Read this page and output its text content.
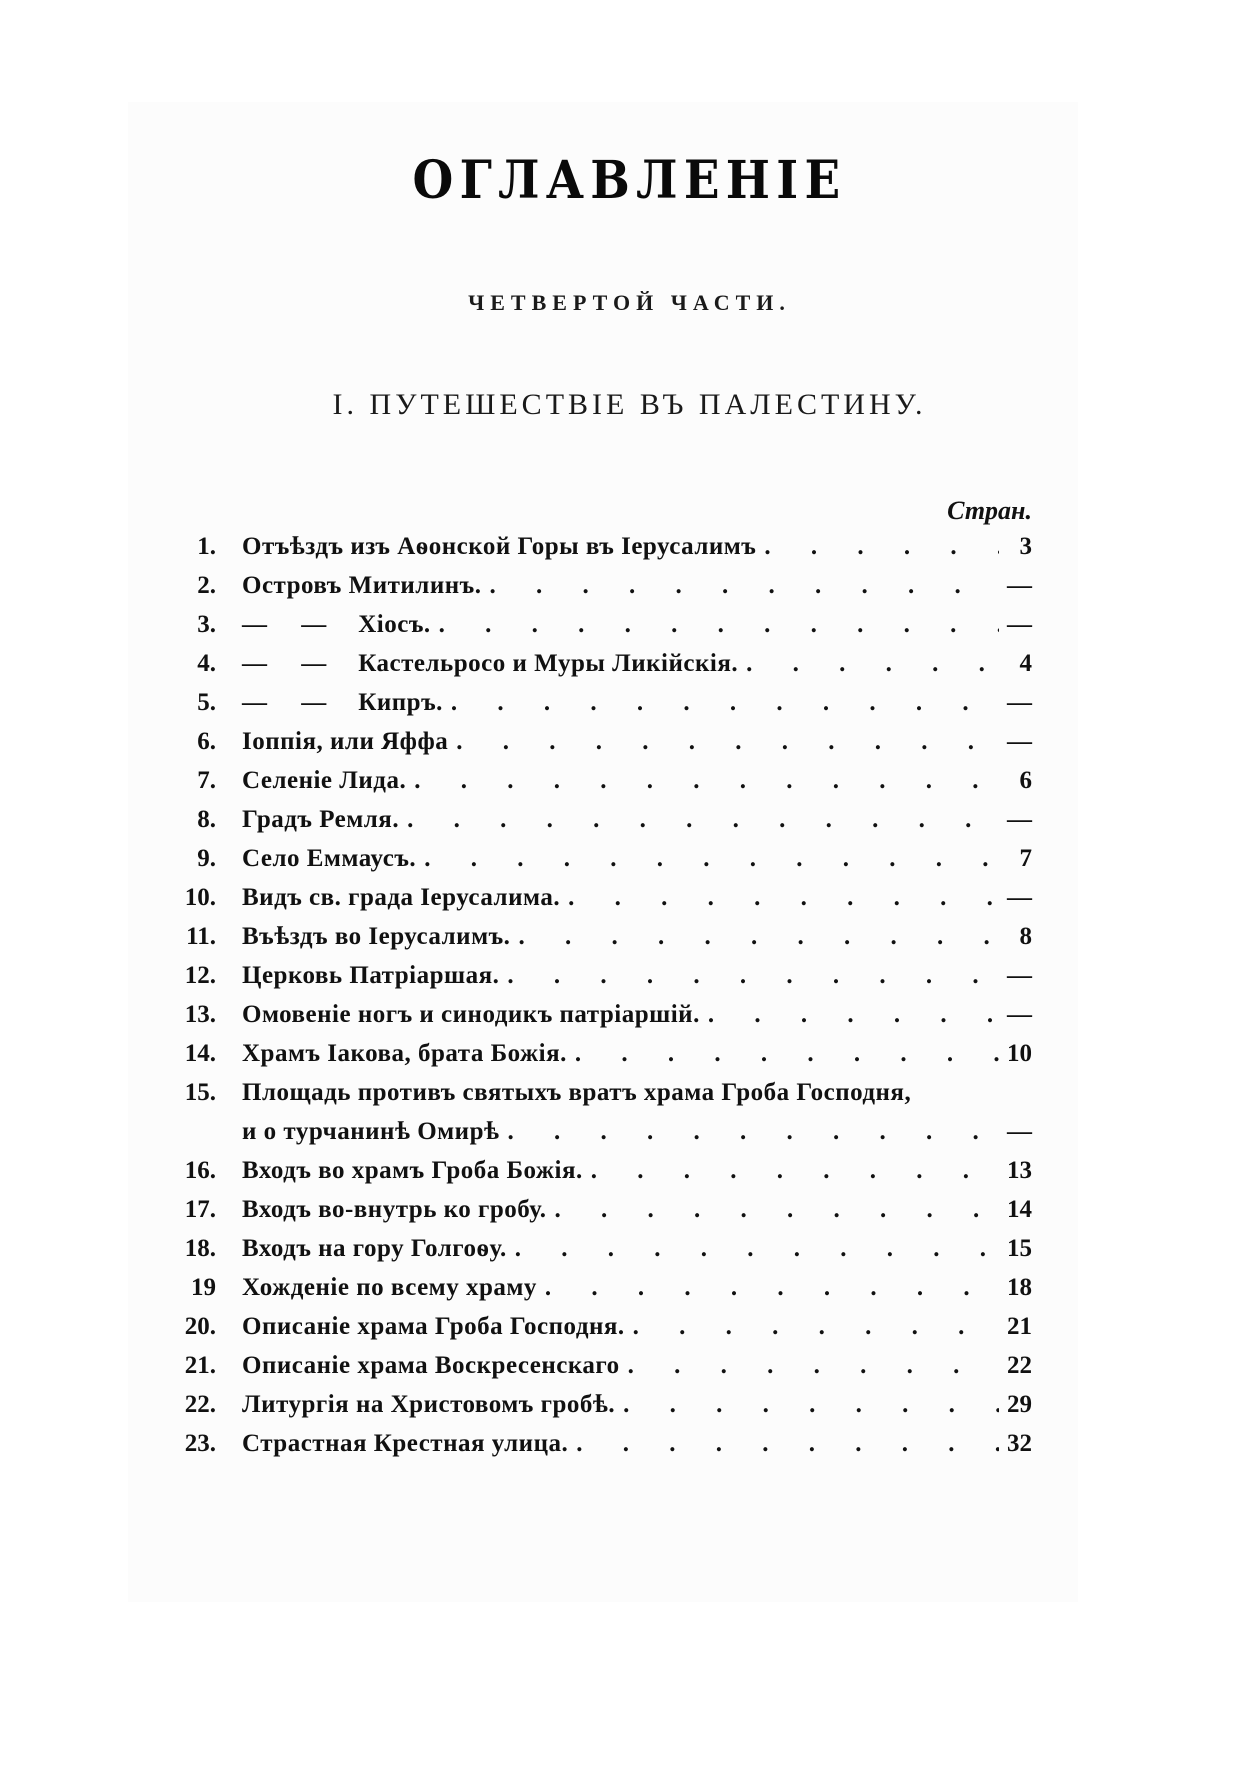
ОГЛАВЛЕНІЕ
ЧЕТВЕРТОЙ ЧАСТИ.
I. ПУТЕШЕСТВІЕ ВЪ ПАЛЕСТИНУ.
Стран.
1. Отъѣздъ изъ Аѳонской Горы въ Іерусалимъ . . .	3
2. Островъ Митилинъ. . . .	—
3. — — Хіосъ. . . .	—
4. — — Кастельросо и Муры Ликійскія. . . .	4
5. — — Кипръ. . . .	—
6. Іоппія, или Яффа . . .	—
7. Селеніе Лида. . . .	6
8. Градъ Ремля. . . .	—
9. Село Еммаусъ. . . .	7
10. Видъ св. града Іерусалима. . . .	—
11. Въѣздъ во Іерусалимъ. . . .	8
12. Церковь Патріаршая. . . .	—
13. Омовеніе ногъ и синодикъ патріаршій. . . .	—
14. Храмъ Іакова, брата Божія. . . .	10
15. Площадь противъ святыхъ вратъ храма Гроба Господня,
и о турчанинѣ Омирѣ . . .	—
16. Входъ во храмъ Гроба Божія. . . .	13
17. Входъ во-внутрь ко гробу. . . .	14
18. Входъ на гору Голгоѳу. . . .	15
19 Хожденіе по всему храму . . .	18
20. Описаніе храма Гроба Господня. . . .	21
21. Описаніе храма Воскресенскаго . . .	22
22. Литургія на Христовомъ гробѣ. . . .	29
23. Страстная Крестная улица. . . .	32
